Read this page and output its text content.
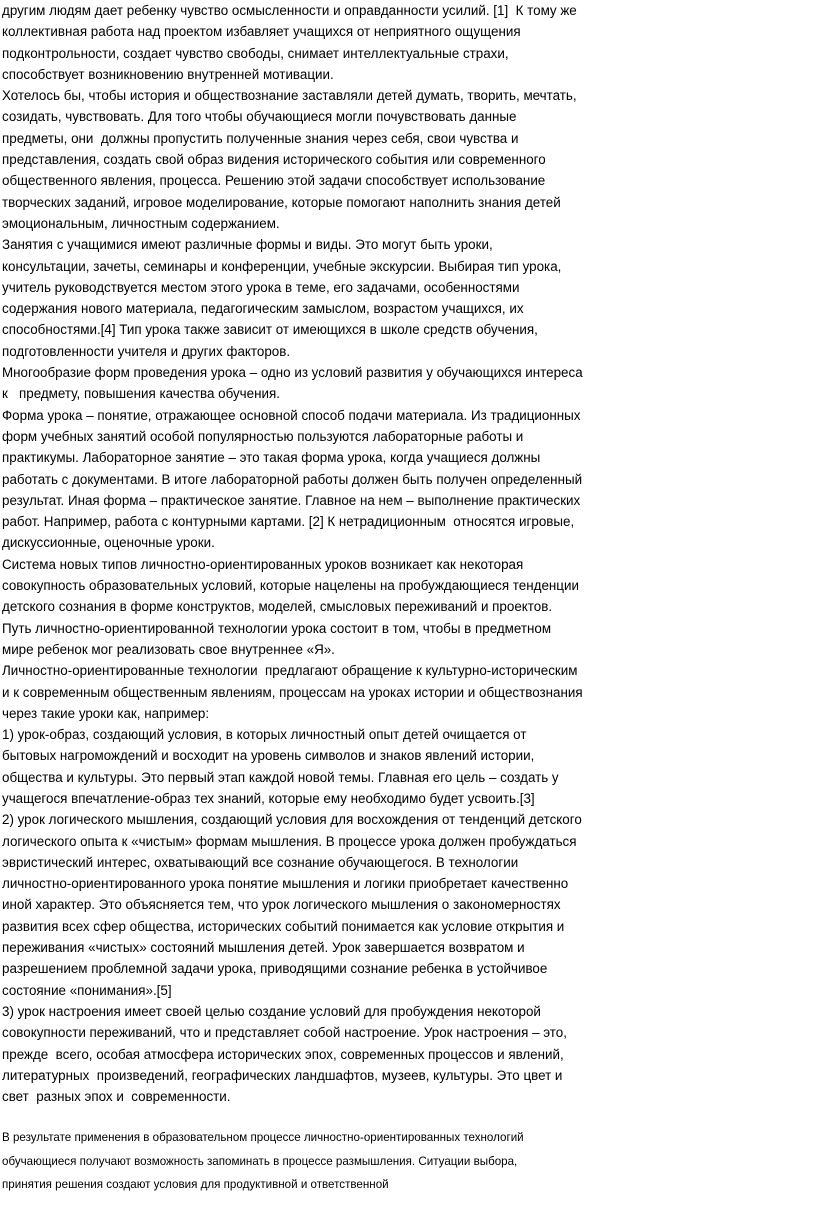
другим людям дает ребенку чувство осмысленности и оправданности усилий. [1]  К тому же
коллективная работа над проектом избавляет учащихся от неприятного ощущения
подконтрольности, создает чувство свободы, снимает интеллектуальные страхи,
способствует возникновению внутренней мотивации.
Хотелось бы, чтобы история и обществознание заставляли детей думать, творить, мечтать,
созидать, чувствовать. Для того чтобы обучающиеся могли почувствовать данные
предметы, они  должны пропустить полученные знания через себя, свои чувства и
представления, создать свой образ видения исторического события или современного
общественного явления, процесса. Решению этой задачи способствует использование
творческих заданий, игровое моделирование, которые помогают наполнить знания детей
эмоциональным, личностным содержанием.
Занятия с учащимися имеют различные формы и виды. Это могут быть уроки,
консультации, зачеты, семинары и конференции, учебные экскурсии. Выбирая тип урока,
учитель руководствуется местом этого урока в теме, его задачами, особенностями
содержания нового материала, педагогическим замыслом, возрастом учащихся, их
способностями.[4] Тип урока также зависит от имеющихся в школе средств обучения,
подготовленности учителя и других факторов.
Многообразие форм проведения урока – одно из условий развития у обучающихся интереса
к   предмету, повышения качества обучения.
Форма урока – понятие, отражающее основной способ подачи материала. Из традиционных
форм учебных занятий особой популярностью пользуются лабораторные работы и
практикумы. Лабораторное занятие – это такая форма урока, когда учащиеся должны
работать с документами. В итоге лабораторной работы должен быть получен определенный
результат. Иная форма – практическое занятие. Главное на нем – выполнение практических
работ. Например, работа с контурными картами. [2] К нетрадиционным  относятся игровые,
дискуссионные, оценочные уроки.
Система новых типов личностно-ориентированных уроков возникает как некоторая
совокупность образовательных условий, которые нацелены на пробуждающиеся тенденции
детского сознания в форме конструктов, моделей, смысловых переживаний и проектов.
Путь личностно-ориентированной технологии урока состоит в том, чтобы в предметном
мире ребенок мог реализовать свое внутреннее «Я».
Личностно-ориентированные технологии  предлагают обращение к культурно-историческим
и к современным общественным явлениям, процессам на уроках истории и обществознания
через такие уроки как, например:
1) урок-образ, создающий условия, в которых личностный опыт детей очищается от
бытовых нагромождений и восходит на уровень символов и знаков явлений истории,
общества и культуры. Это первый этап каждой новой темы. Главная его цель – создать у
учащегося впечатление-образ тех знаний, которые ему необходимо будет усвоить.[3]
2) урок логического мышления, создающий условия для восхождения от тенденций детского
логического опыта к «чистым» формам мышления. В процессе урока должен пробуждаться
эвристический интерес, охватывающий все сознание обучающегося. В технологии
личностно-ориентированного урока понятие мышления и логики приобретает качественно
иной характер. Это объясняется тем, что урок логического мышления о закономерностях
развития всех сфер общества, исторических событий понимается как условие открытия и
переживания «чистых» состояний мышления детей. Урок завершается возвратом и
разрешением проблемной задачи урока, приводящими сознание ребенка в устойчивое
состояние «понимания».[5]
3) урок настроения имеет своей целью создание условий для пробуждения некоторой
совокупности переживаний, что и представляет собой настроение. Урок настроения – это,
прежде  всего, особая атмосфера исторических эпох, современных процессов и явлений,
литературных  произведений, географических ландшафтов, музеев, культуры. Это цвет и
свет  разных эпох и  современности.
В результате применения в образовательном процессе личностно-ориентированных технологий
обучающиеся получают возможность запоминать в процессе размышления. Ситуации выбора,
принятия решения создают условия для продуктивной и ответственной
